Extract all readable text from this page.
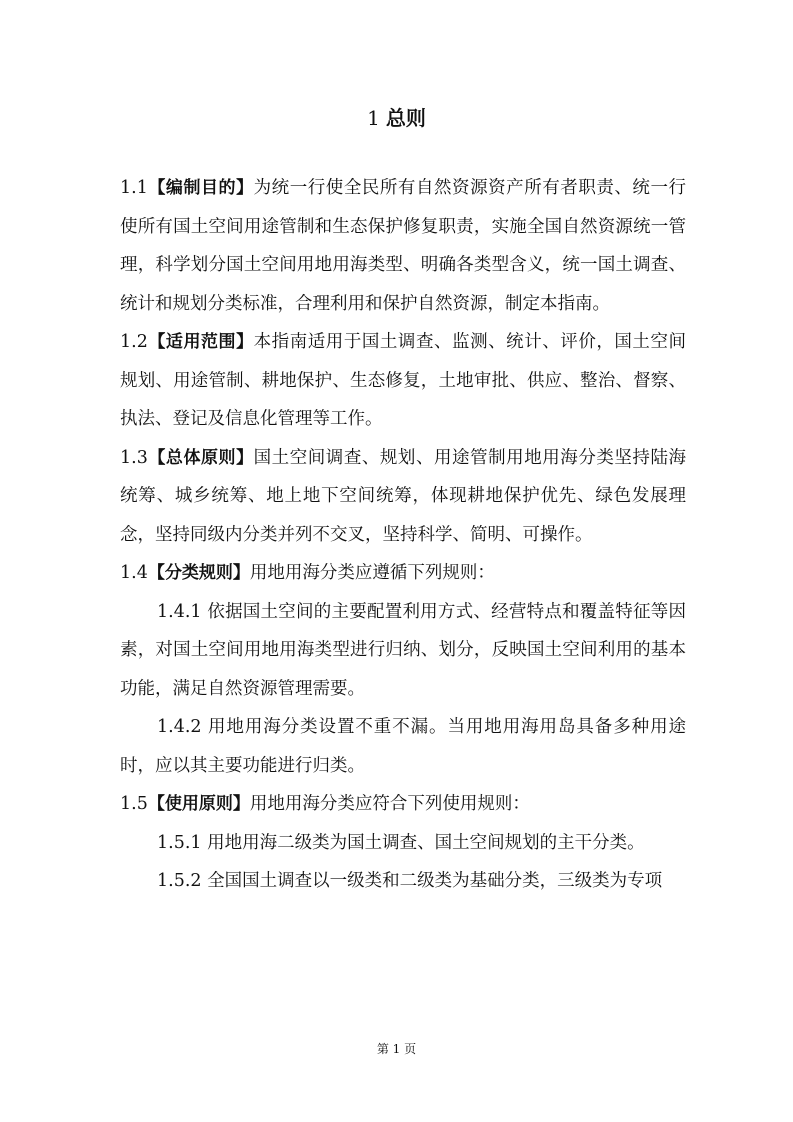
1 总则

1.1【编制目的】为统一行使全民所有自然资源资产所有者职责、统一行使所有国土空间用途管制和生态保护修复职责，实施全国自然资源统一管理，科学划分国土空间用地用海类型、明确各类型含义，统一国土调查、统计和规划分类标准，合理利用和保护自然资源，制定本指南。

1.2【适用范围】本指南适用于国土调查、监测、统计、评价，国土空间规划、用途管制、耕地保护、生态修复，土地审批、供应、整治、督察、执法、登记及信息化管理等工作。

1.3【总体原则】国土空间调查、规划、用途管制用地用海分类坚持陆海统筹、城乡统筹、地上地下空间统筹，体现耕地保护优先、绿色发展理念，坚持同级内分类并列不交叉，坚持科学、简明、可操作。

1.4【分类规则】用地用海分类应遵循下列规则：

1.4.1 依据国土空间的主要配置利用方式、经营特点和覆盖特征等因素，对国土空间用地用海类型进行归纳、划分，反映国土空间利用的基本功能，满足自然资源管理需要。

1.4.2 用地用海分类设置不重不漏。当用地用海用岛具备多种用途时，应以其主要功能进行归类。

1.5【使用原则】用地用海分类应符合下列使用规则：

1.5.1 用地用海二级类为国土调查、国土空间规划的主干分类。

1.5.2 全国国土调查以一级类和二级类为基础分类，三级类为专项

第 1 页
